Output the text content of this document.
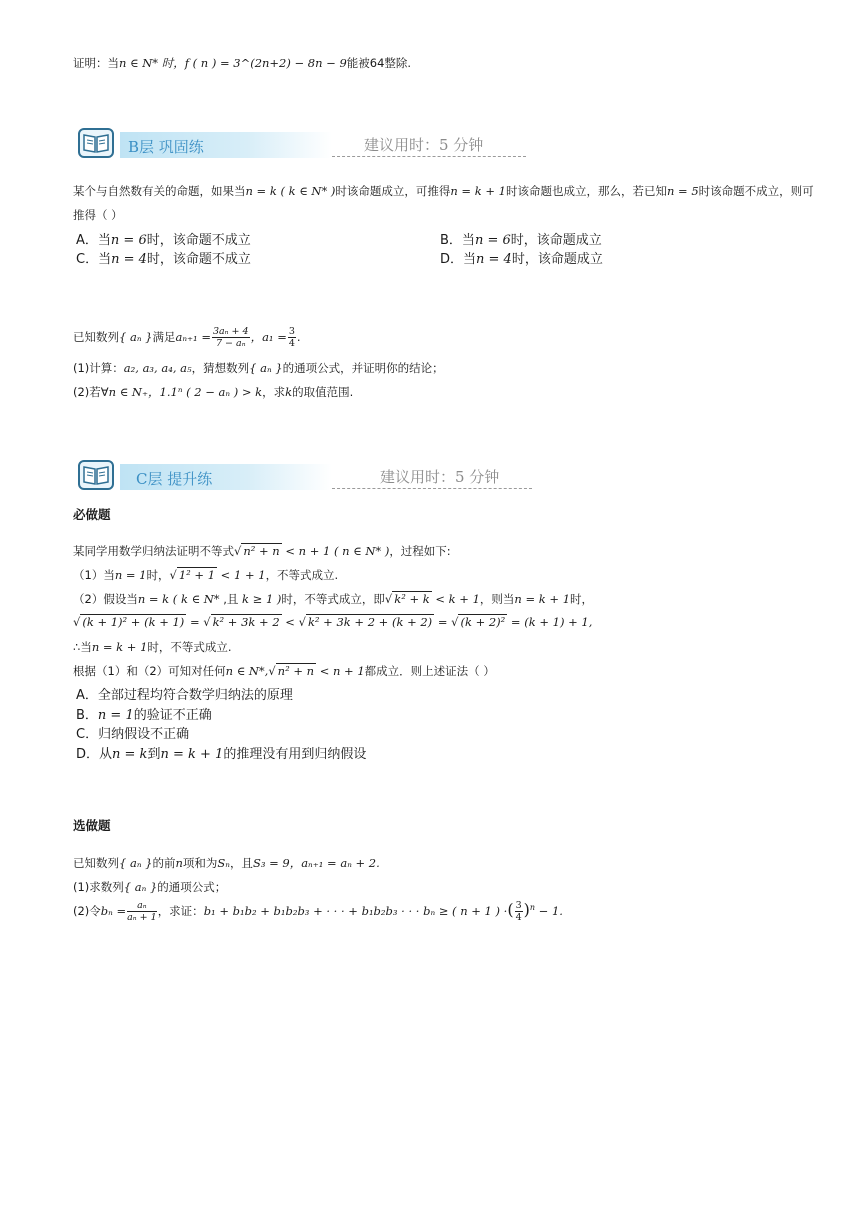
证明：当n ∈ N* 时，f ( n ) = 3^(2n+2) − 8n − 9能被64整除.
B层 巩固练	建议用时：5 分钟
某个与自然数有关的命题，如果当n = k ( k ∈ N* )时该命题成立，可推得n = k + 1时该命题也成立，那么，若已知n = 5时该命题不成立，则可
推得（ ）
A．当n = 6时，该命题不成立	B．当n = 6时，该命题成立
C．当n = 4时，该命题不成立	D．当n = 4时，该命题成立
已知数列{ aₙ }满足$a_{n+1} = \frac{\text{3aₙ + 4}}{\text{7 − aₙ}}$ ，$a_1 = \frac{3}{4}$ .
(1)计算：a₂, a₃, a₄, a₅，猜想数列{ aₙ }的通项公式，并证明你的结论；
(2)若∀n ∈ N₊，1.1ⁿ ( 2 − aₙ ) > k，求k的取值范围.
C层 提升练	建议用时：5 分钟
必做题
某同学用数学归纳法证明不等式√ n² + n < n + 1 ( n ∈ N* )，过程如下:
（1）当n = 1时，√ 1² + 1 < 1 + 1，不等式成立.
（2）假设当n = k ( k ∈ N* ,且 k ≥ 1 )时，不等式成立，即√ k² + k < k + 1，则当n = k + 1时，
√ (k + 1)² + (k + 1) = √ k² + 3k + 2 < √ k² + 3k + 2 + (k + 2) = √ (k + 2)² = (k + 1) + 1,
∴当n = k + 1时，不等式成立.
根据（1）和（2）可知对任何n ∈ N*,√ n² + n < n + 1都成立．则上述证法（ ）
A．全部过程均符合数学归纳法的原理
B．n = 1的验证不正确
C．归纳假设不正确
D．从n = k到n = k + 1的推理没有用到归纳假设
选做题
已知数列{ aₙ }的前n项和为Sₙ，且S₃ = 9，aₙ₊₁ = aₙ + 2.
(1)求数列{ aₙ }的通项公式；
(2)令$b_n = \frac{\text{aₙ}}{\text{aₙ + 1}}$ ，求证：b₁ + b₁b₂ + b₁b₂b₃ + · · · + b₁b₂b₃ · · · bₙ ≥ ( n + 1 ) ·( $\frac{3}{4} )^n - 1$.
